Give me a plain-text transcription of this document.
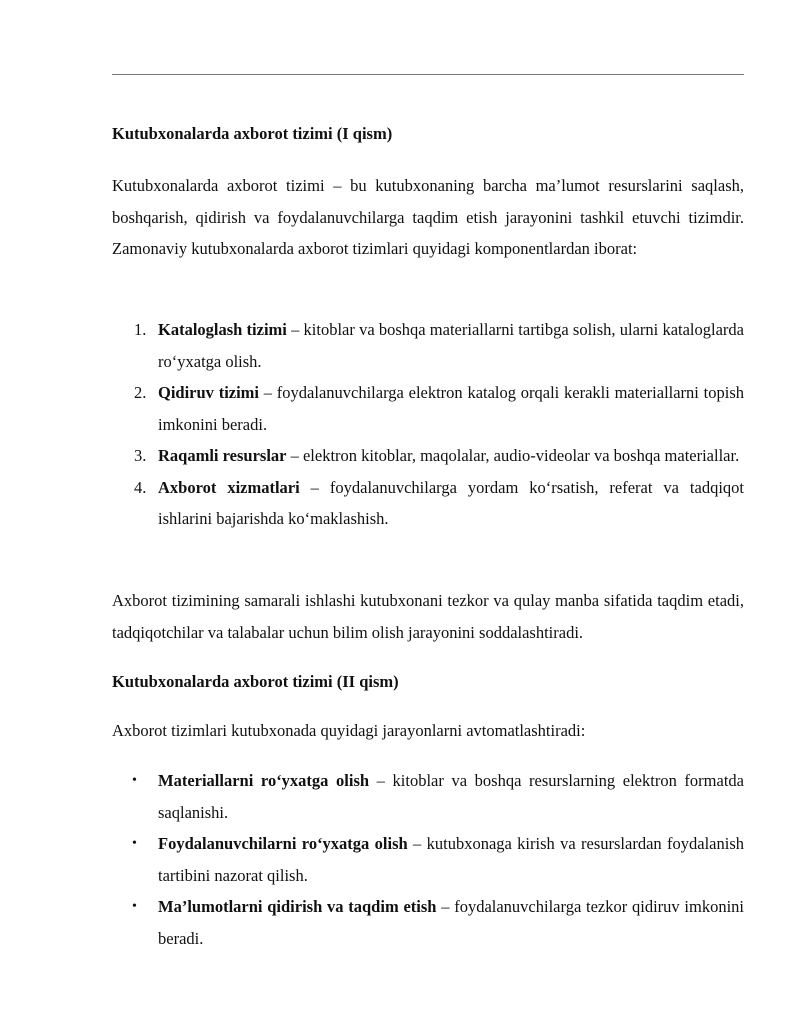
Kutubxonalarda axborot tizimi (I qism)

Kutubxonalarda axborot tizimi – bu kutubxonaning barcha ma’lumot resurslarini saqlash, boshqarish, qidirish va foydalanuvchilarga taqdim etish jarayonini tashkil etuvchi tizimdir. Zamonaviy kutubxonalarda axborot tizimlari quyidagi komponentlardan iborat:

1. Kataloglash tizimi – kitoblar va boshqa materiallarni tartibga solish, ularni kataloglarda ro‘yxatga olish.
2. Qidiruv tizimi – foydalanuvchilarga elektron katalog orqali kerakli materiallarni topish imkonini beradi.
3. Raqamli resurslar – elektron kitoblar, maqolalar, audio-videolar va boshqa materiallar.
4. Axborot xizmatlari – foydalanuvchilarga yordam ko‘rsatish, referat va tadqiqot ishlarini bajarishda ko‘maklashish.

Axborot tizimining samarali ishlashi kutubxonani tezkor va qulay manba sifatida taqdim etadi, tadqiqotchilar va talabalar uchun bilim olish jarayonini soddalashtiradi.

Kutubxonalarda axborot tizimi (II qism)

Axborot tizimlari kutubxonada quyidagi jarayonlarni avtomatlashtiradi:

• Materiallarni ro‘yxatga olish – kitoblar va boshqa resurslarning elektron formatda saqlanishi.
• Foydalanuvchilarni ro‘yxatga olish – kutubxonaga kirish va resurslardan foydalanish tartibini nazorat qilish.
• Ma’lumotlarni qidirish va taqdim etish – foydalanuvchilarga tezkor qidiruv imkonini beradi.
